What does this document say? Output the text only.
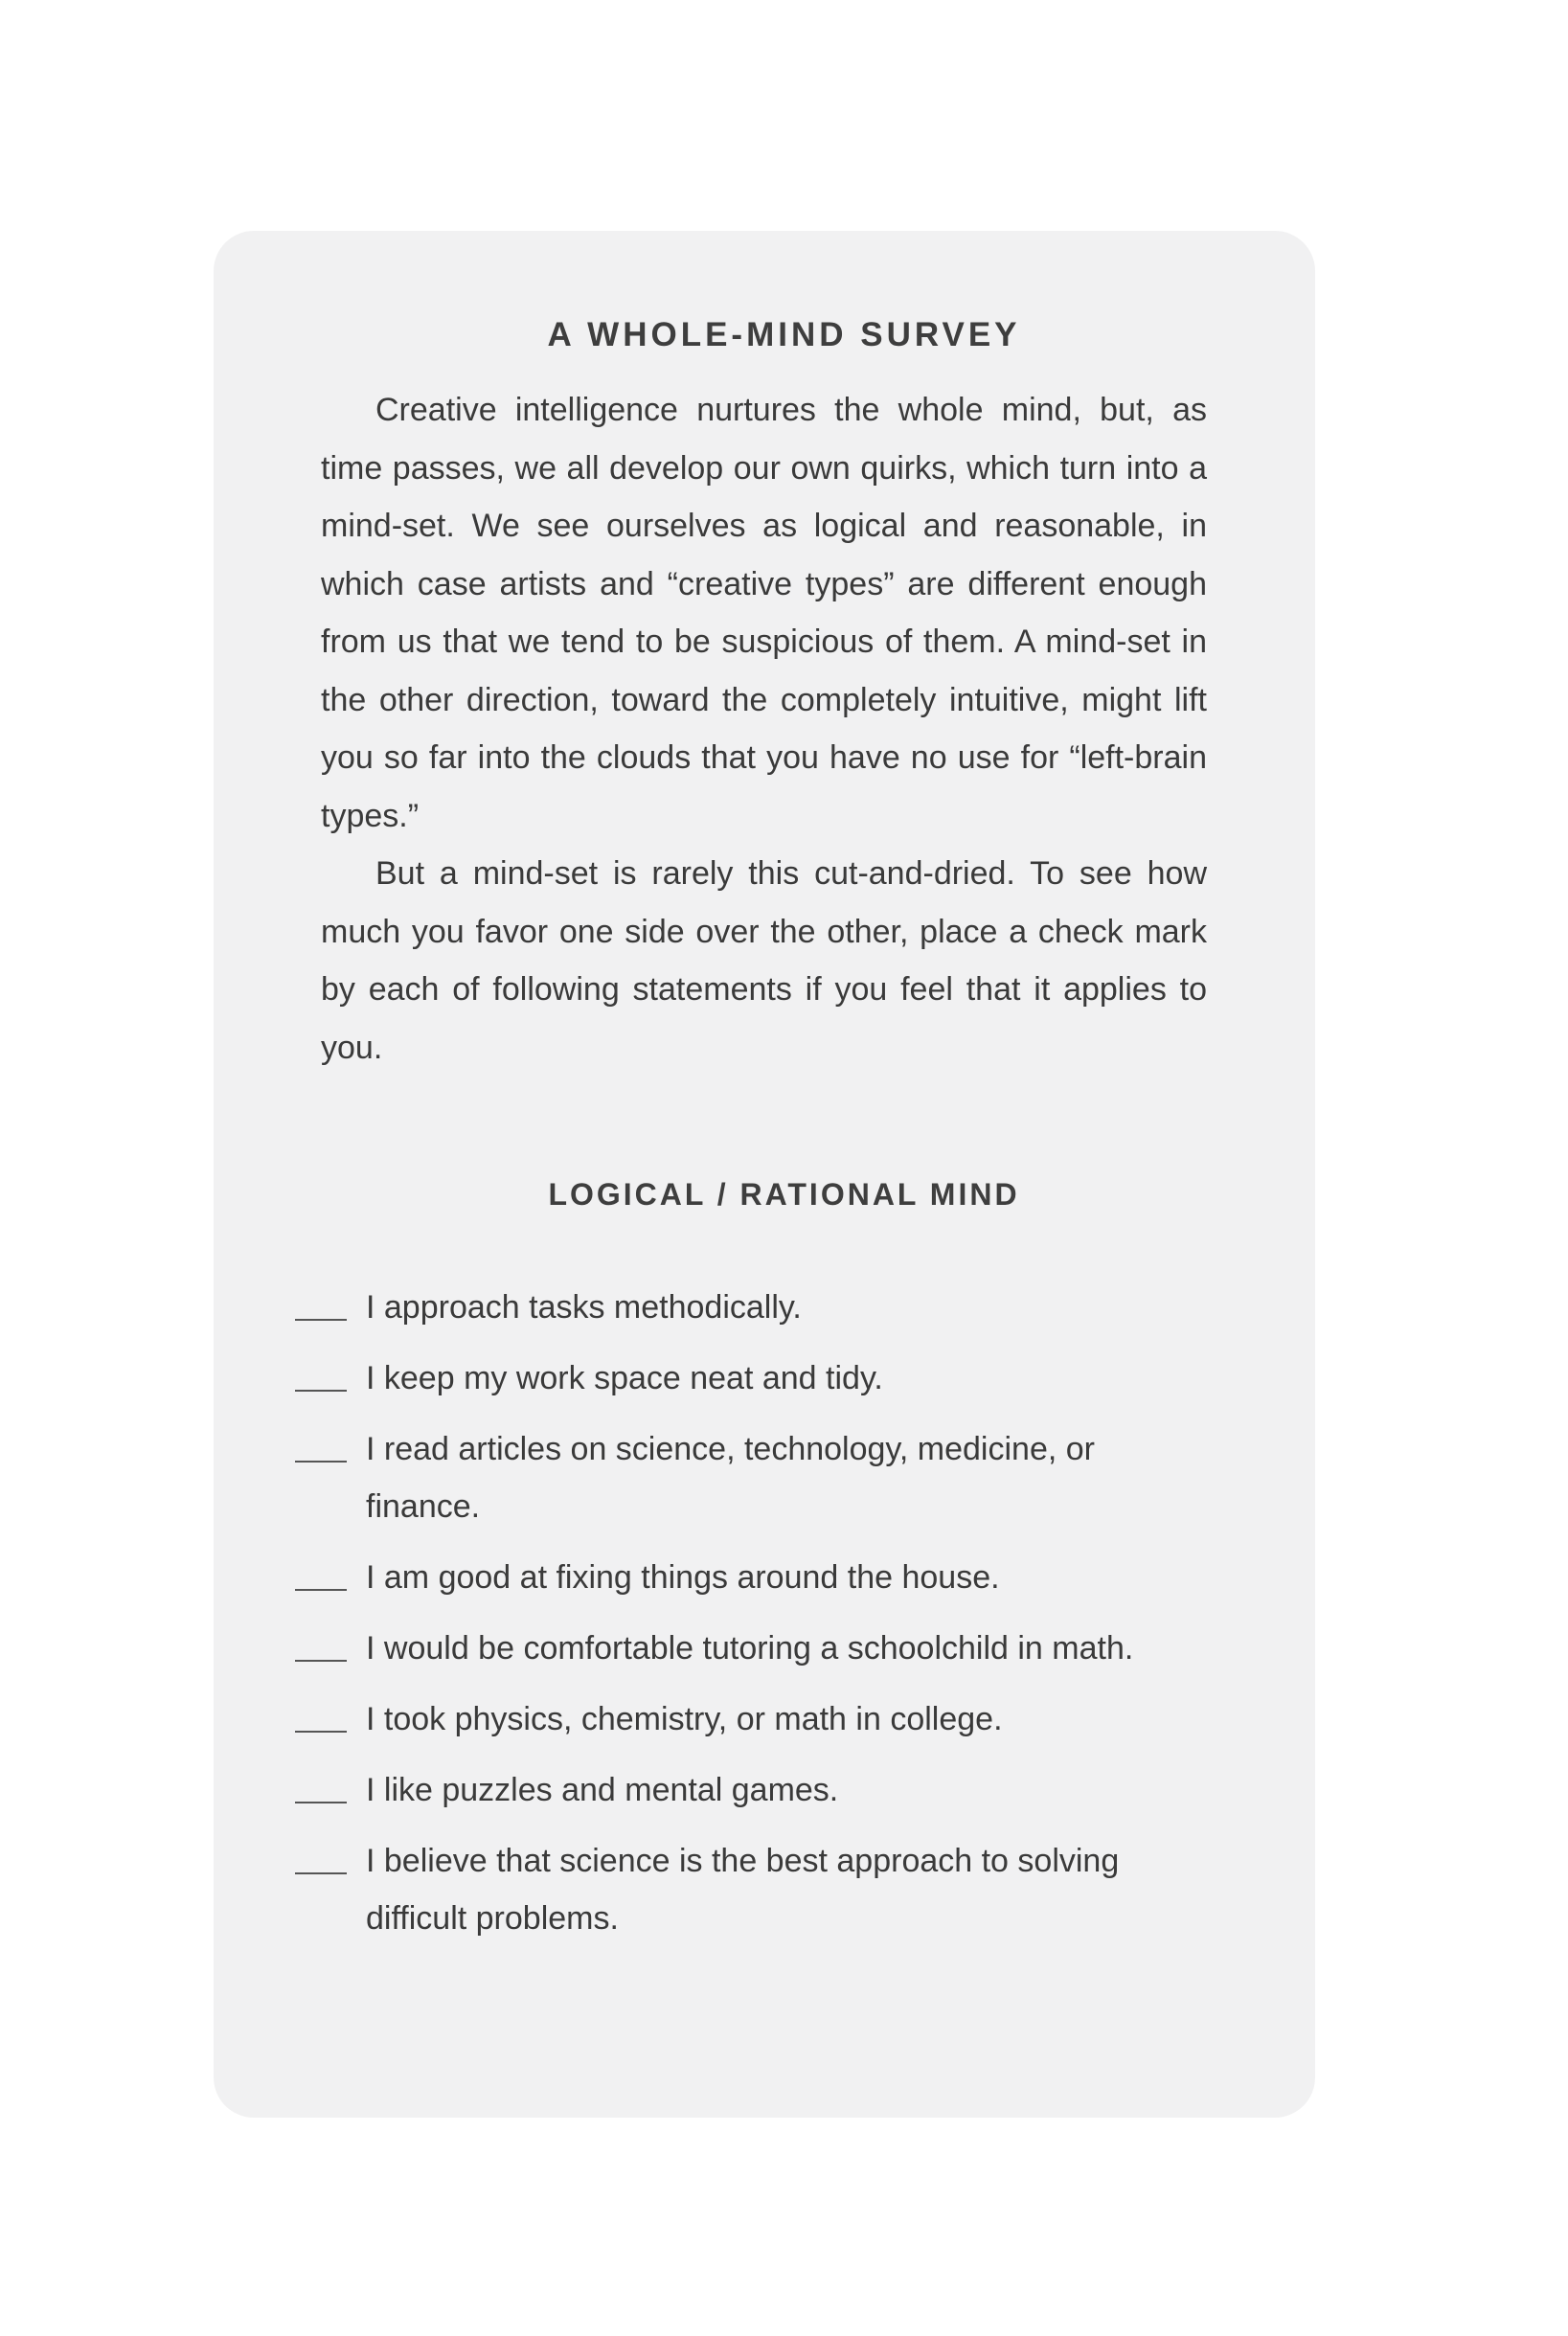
A WHOLE-MIND SURVEY

Creative intelligence nurtures the whole mind, but, as time passes, we all develop our own quirks, which turn into a mind-set. We see ourselves as logical and reasonable, in which case artists and “creative types” are different enough from us that we tend to be suspicious of them. A mind-set in the other direction, toward the completely intuitive, might lift you so far into the clouds that you have no use for “left-brain types.”

But a mind-set is rarely this cut-and-dried. To see how much you favor one side over the other, place a check mark by each of following statements if you feel that it applies to you.

LOGICAL / RATIONAL MIND
I approach tasks methodically.
I keep my work space neat and tidy.
I read articles on science, technology, medicine, or finance.
I am good at fixing things around the house.
I would be comfortable tutoring a schoolchild in math.
I took physics, chemistry, or math in college.
I like puzzles and mental games.
I believe that science is the best approach to solving difficult problems.
